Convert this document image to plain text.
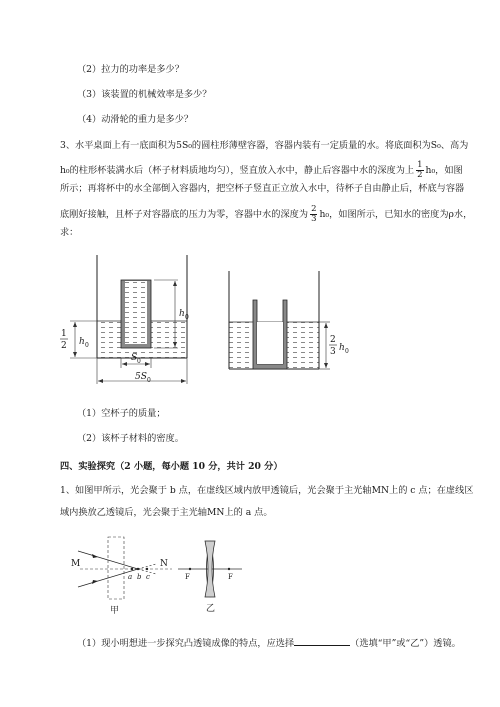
（2）拉力的功率是多少？
（3）该装置的机械效率是多少？
（4）动滑轮的重力是多少？
3、水平桌面上有一底面积为5S₀的圆柱形薄壁容器，容器内装有一定质量的水。将底面积为S₀、高为
h₀的柱形杯装满水后（杯子材料质地均匀），竖直放入水中，静止后容器中水的深度为上 $\frac{1}{2} h_0$，如图
所示；再将杯中的水全部倒入容器内，把空杯子竖直正立放入水中，待杯子自由静止后，杯底与容器
底刚好接触，且杯子对容器底的压力为零，容器中水的深度为 $\frac{2}{3} h_0$，如图所示，已知水的密度为ρ水，
求：
h 0
1
2 h 0
S 0
5S 0
2
3 h 0
（1）空杯子的质量；
（2）该杯子材料的密度。
四、实验探究（2 小题，每小题 10 分，共计 20 分）
1、如图甲所示，光会聚于 b 点，在虚线区域内放甲透镜后，光会聚于主光轴MN上的 c 点；在虚线区
域内换放乙透镜后，光会聚于主光轴MN上的 a 点。
M	N
a b c
甲
F	F
乙
（1）现小明想进一步探究凸透镜成像的特点，应选择	（选填“甲”或“乙”）透镜。
